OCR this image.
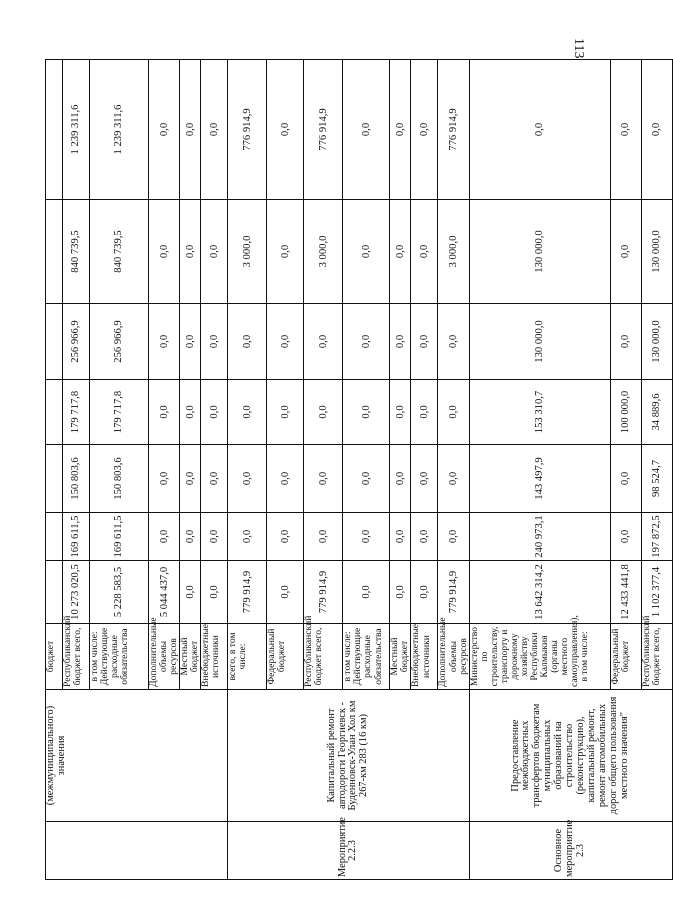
113
	(межмуниципального) значения	бюджет							
		Республиканский бюджет всего,	10 273 020,5	169 611,5	150 803,6	179 717,8	256 966,9	840 739,5	1 239 311,6
		в том числе: Действующие расходные обязательства	5 228 583,5	169 611,5	150 803,6	179 717,8	256 966,9	840 739,5	1 239 311,6
		Дополнительные объемы ресурсов	5 044 437,0	0,0	0,0	0,0	0,0	0,0	0,0
		Местный бюджет	0,0	0,0	0,0	0,0	0,0	0,0	0,0
		Внебюджетные источники	0,0	0,0	0,0	0,0	0,0	0,0	0,0
Мероприятие 2.2.3	Капитальный ремонт автодороги Георгиевск - Буденновск-Улан Хол км 267-км 283 (16 км)	всего, в том числе:	779 914,9	0,0	0,0	0,0	0,0	3 000,0	776 914,9
		Федеральный бюджет	0,0	0,0	0,0	0,0	0,0	0,0	0,0
		Республиканский бюджет всего,	779 914,9	0,0	0,0	0,0	0,0	3 000,0	776 914,9
		в том числе: Действующие расходные обязательства	0,0	0,0	0,0	0,0	0,0	0,0	0,0
		Местный бюджет	0,0	0,0	0,0	0,0	0,0	0,0	0,0
		Внебюджетные источники	0,0	0,0	0,0	0,0	0,0	0,0	0,0
		Дополнительные объемы ресурсов	779 914,9	0,0	0,0	0,0	0,0	3 000,0	776 914,9
Основное мероприятие 2.3	Предоставление межбюджетных трансфертов бюджетам муниципальных образований на строительство (реконструкцию), капитальный ремонт, ремонт автомобильных дорог общего пользования местного значения"	Министерство по строительству, транспорту и дорожному хозяйству Республики Калмыкия (органы местного самоуправления), в том числе:	13 642 314,2	240 973,1	143 497,9	153 310,7	130 000,0	130 000,0	0,0
		Федеральный бюджет	12 433 441,8	0,0	0,0	100 000,0	0,0	0,0	0,0
		Республиканский бюджет всего,	1 102 377,4	197 872,5	98 524,7	34 889,6	130 000,0	130 000,0	0,0
